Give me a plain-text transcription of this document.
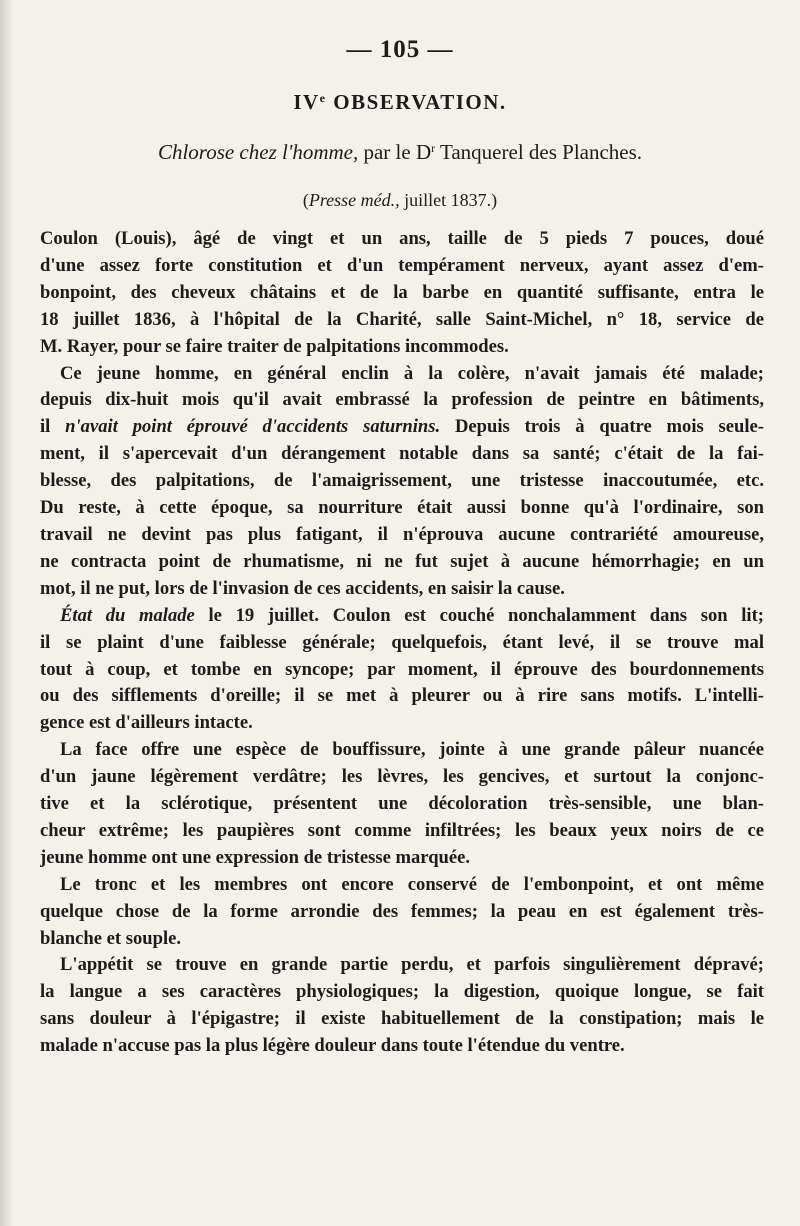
— 105 —
IVe OBSERVATION.
Chlorose chez l'homme, par le $D^r$ Tanquerel des Planches.
(Presse méd., juillet 1837.)
Coulon (Louis), âgé de vingt et un ans, taille de 5 pieds 7 pouces, doué
d'une assez forte constitution et d'un tempérament nerveux, ayant assez d'em-
bonpoint, des cheveux châtains et de la barbe en quantité suffisante, entra le
18 juillet 1836, à l'hôpital de la Charité, salle Saint-Michel, n° 18, service de
M. Rayer, pour se faire traiter de palpitations incommodes.
Ce jeune homme, en général enclin à la colère, n'avait jamais été malade;
depuis dix-huit mois qu'il avait embrassé la profession de peintre en bâtiments,
il n'avait point éprouvé d'accidents saturnins. Depuis trois à quatre mois seule-
ment, il s'apercevait d'un dérangement notable dans sa santé; c'était de la fai-
blesse, des palpitations, de l'amaigrissement, une tristesse inaccoutumée, etc.
Du reste, à cette époque, sa nourriture était aussi bonne qu'à l'ordinaire, son
travail ne devint pas plus fatigant, il n'éprouva aucune contrariété amoureuse,
ne contracta point de rhumatisme, ni ne fut sujet à aucune hémorrhagie; en un
mot, il ne put, lors de l'invasion de ces accidents, en saisir la cause.
État du malade le 19 juillet. Coulon est couché nonchalamment dans son lit;
il se plaint d'une faiblesse générale; quelquefois, étant levé, il se trouve mal
tout à coup, et tombe en syncope; par moment, il éprouve des bourdonnements
ou des sifflements d'oreille; il se met à pleurer ou à rire sans motifs. L'intelli-
gence est d'ailleurs intacte.
La face offre une espèce de bouffissure, jointe à une grande pâleur nuancée
d'un jaune légèrement verdâtre; les lèvres, les gencives, et surtout la conjonc-
tive et la sclérotique, présentent une décoloration très-sensible, une blan-
cheur extrême; les paupières sont comme infiltrées; les beaux yeux noirs de ce
jeune homme ont une expression de tristesse marquée.
Le tronc et les membres ont encore conservé de l'embonpoint, et ont même
quelque chose de la forme arrondie des femmes; la peau en est également très-
blanche et souple.
L'appétit se trouve en grande partie perdu, et parfois singulièrement dépravé;
la langue a ses caractères physiologiques; la digestion, quoique longue, se fait
sans douleur à l'épigastre; il existe habituellement de la constipation; mais le
malade n'accuse pas la plus légère douleur dans toute l'étendue du ventre.
